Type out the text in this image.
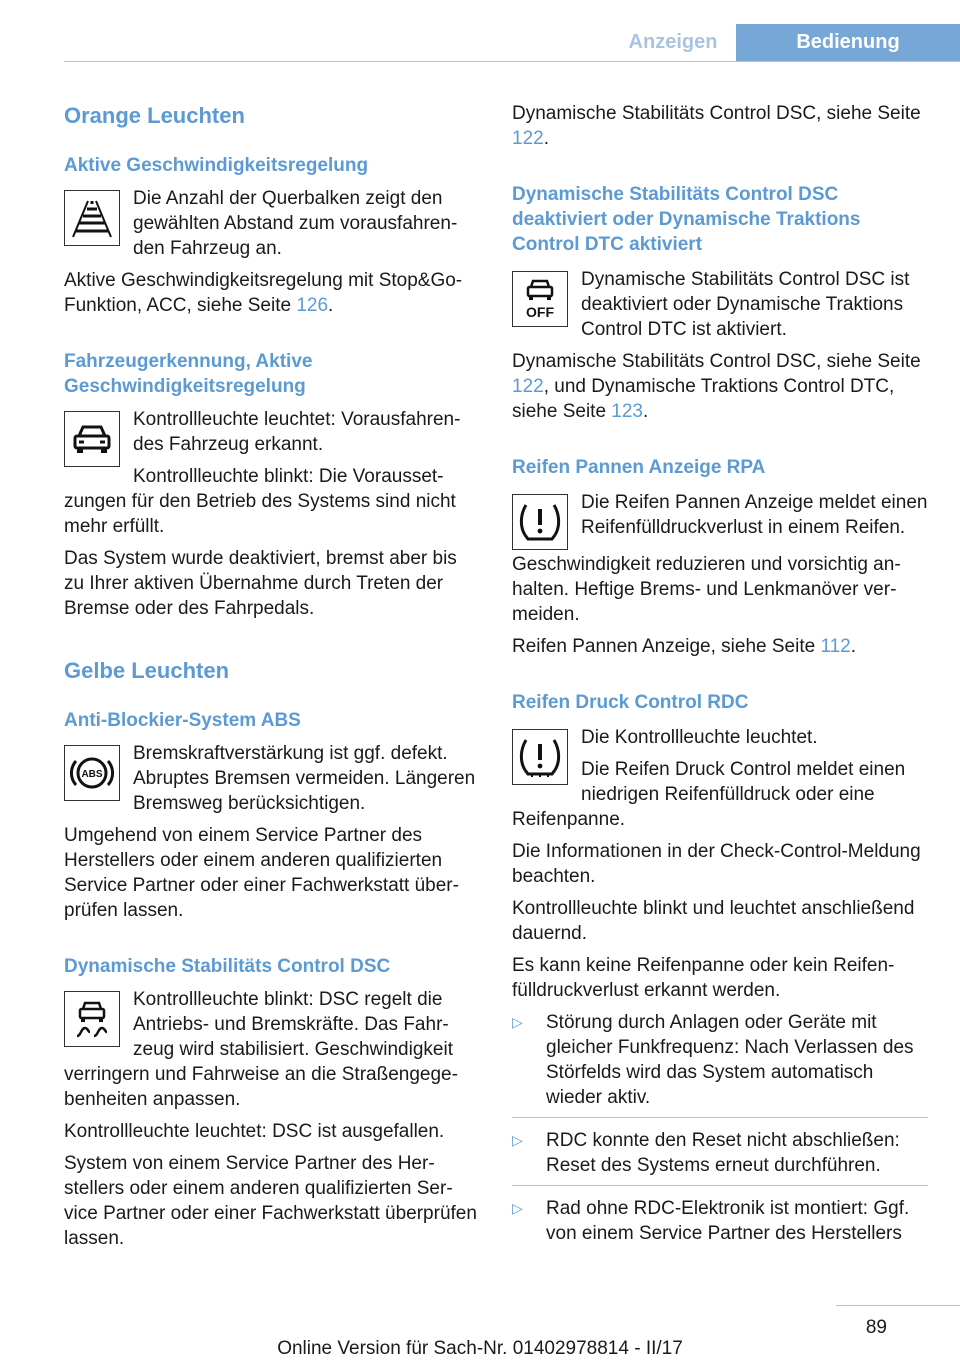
Anzeigen	Bedienung
Orange Leuchten
Aktive Geschwindigkeitsregelung

Die Anzahl der Querbalken zeigt den gewählten Abstand zum vorausfahrenden Fahrzeug an.

Aktive Geschwindigkeitsregelung mit Stop&Go-Funktion, ACC, siehe Seite 126.

Fahrzeugerkennung, Aktive Geschwindigkeitsregelung

Kontrollleuchte leuchtet: Vorausfahrendes Fahrzeug erkannt.

Kontrollleuchte blinkt: Die Voraussetzungen für den Betrieb des Systems sind nicht mehr erfüllt.

Das System wurde deaktiviert, bremst aber bis zu Ihrer aktiven Übernahme durch Treten der Bremse oder des Fahrpedals.

Gelbe Leuchten
Anti-Blockier-System ABS
ABS

Bremskraftverstärkung ist ggf. defekt. Abruptes Bremsen vermeiden. Längeren Bremsweg berücksichtigen.

Umgehend von einem Service Partner des Herstellers oder einem anderen qualifizierten Service Partner oder einer Fachwerkstatt überprüfen lassen.

Dynamische Stabilitäts Control DSC

Kontrollleuchte blinkt: DSC regelt die Antriebs- und Bremskräfte. Das Fahrzeug wird stabilisiert. Geschwindigkeit verringern und Fahrweise an die Straßengegebenheiten anpassen.

Kontrollleuchte leuchtet: DSC ist ausgefallen.

System von einem Service Partner des Herstellers oder einem anderen qualifizierten Service Partner oder einer Fachwerkstatt überprüfen lassen.

Dynamische Stabilitäts Control DSC, siehe Seite 122.

Dynamische Stabilitäts Control DSC deaktiviert oder Dynamische Traktions Control DTC aktiviert
OFF

Dynamische Stabilitäts Control DSC ist deaktiviert oder Dynamische Traktions Control DTC ist aktiviert.

Dynamische Stabilitäts Control DSC, siehe Seite 122, und Dynamische Traktions Control DTC, siehe Seite 123.

Reifen Pannen Anzeige RPA

Die Reifen Pannen Anzeige meldet einen Reifenfülldruckverlust in einem Reifen.

Geschwindigkeit reduzieren und vorsichtig anhalten. Heftige Brems- und Lenkmanöver vermeiden.

Reifen Pannen Anzeige, siehe Seite 112.

Reifen Druck Control RDC

Die Kontrollleuchte leuchtet.

Die Reifen Druck Control meldet einen niedrigen Reifenfülldruck oder eine Reifenpanne.

Die Informationen in der Check-Control-Meldung beachten.

Kontrollleuchte blinkt und leuchtet anschließend dauernd.

Es kann keine Reifenpanne oder kein Reifenfülldruckverlust erkannt werden.

▷ Störung durch Anlagen oder Geräte mit gleicher Funkfrequenz: Nach Verlassen des Störfelds wird das System automatisch wieder aktiv.
▷ RDC konnte den Reset nicht abschließen: Reset des Systems erneut durchführen.
▷ Rad ohne RDC-Elektronik ist montiert: Ggf. von einem Service Partner des Herstellers
89
Online Version für Sach-Nr. 01402978814 - II/17
